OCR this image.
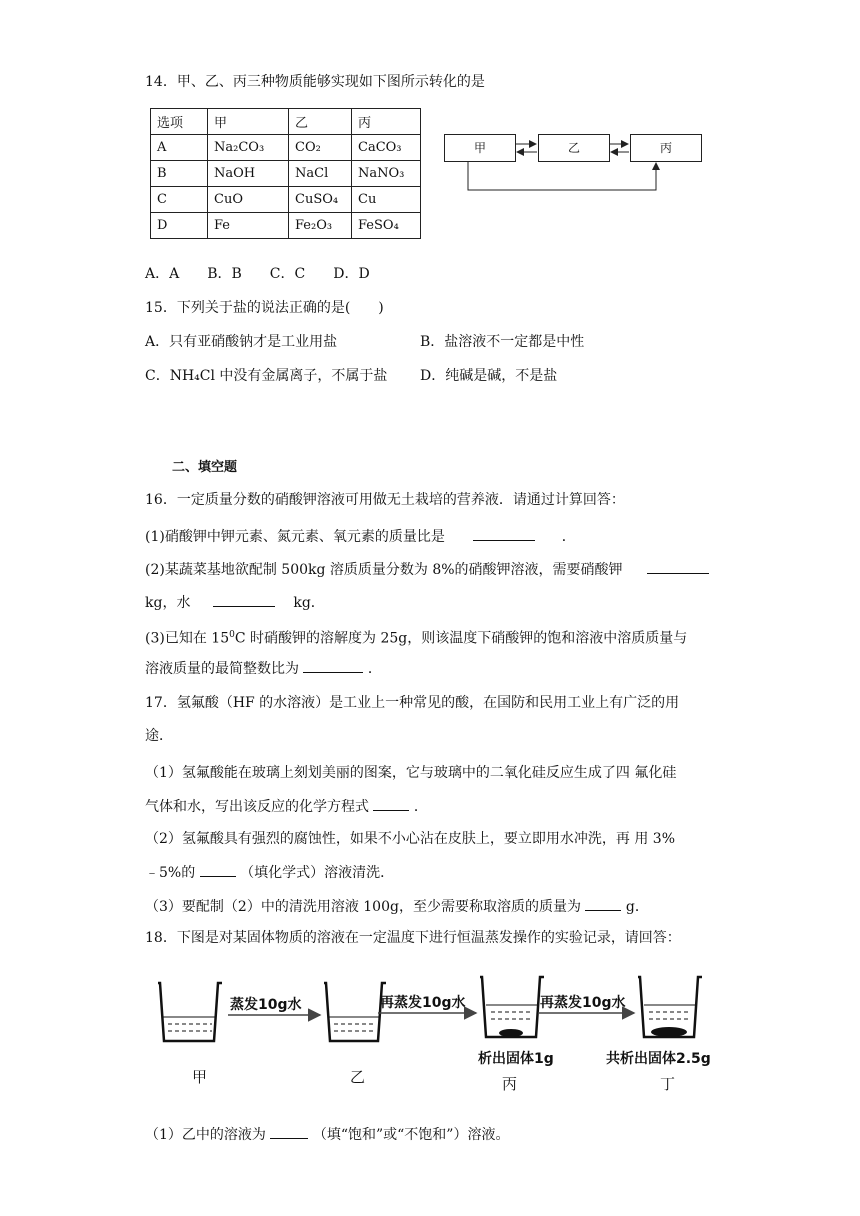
14．甲、乙、丙三种物质能够实现如下图所示转化的是
选项	甲	乙	丙
A	Na₂CO₃	CO₂	CaCO₃
B	NaOH	NaCl	NaNO₃
C	CuO	CuSO₄	Cu
D	Fe	Fe₂O₃	FeSO₄
甲	乙	丙
A．A　　B．B　　C．C　　D．D
15．下列关于盐的说法正确的是(　　)
A．只有亚硝酸钠才是工业用盐	B．盐溶液不一定都是中性
C．NH₄Cl 中没有金属离子，不属于盐 D．纯碱是碱，不是盐
二、填空题
16．一定质量分数的硝酸钾溶液可用做无土栽培的营养液．请通过计算回答：
(1)硝酸钾中钾元素、氮元素、氧元素的质量比是	．
(2)某蔬菜基地欲配制 500kg 溶质质量分数为 8%的硝酸钾溶液，需要硝酸钾
kg，水	kg．
(3)已知在 $15^0C$ 时硝酸钾的溶解度为 25g，则该温度下硝酸钾的饱和溶液中溶质质量与
溶液质量的最简整数比为	．
17．氢氟酸（HF 的水溶液）是工业上一种常见的酸，在国防和民用工业上有广泛的用
途．
（1）氢氟酸能在玻璃上刻划美丽的图案，它与玻璃中的二氧化硅反应生成了四 氟化硅
气体和水，写出该反应的化学方程式	．
（2）氢氟酸具有强烈的腐蚀性，如果不小心沾在皮肤上，要立即用水冲洗，再 用 3%
﹣5%的	（填化学式）溶液清洗．
（3）要配制（2）中的清洗用溶液 100g，至少需要称取溶质的质量为	g．
18．下图是对某固体物质的溶液在一定温度下进行恒温蒸发操作的实验记录，请回答：
蒸发10g水	再蒸发10g水	再蒸发10g水
析出固体1g	共析出固体2.5g
甲	乙	丙	丁
（1）乙中的溶液为	（填“饱和”或“不饱和”）溶液。
